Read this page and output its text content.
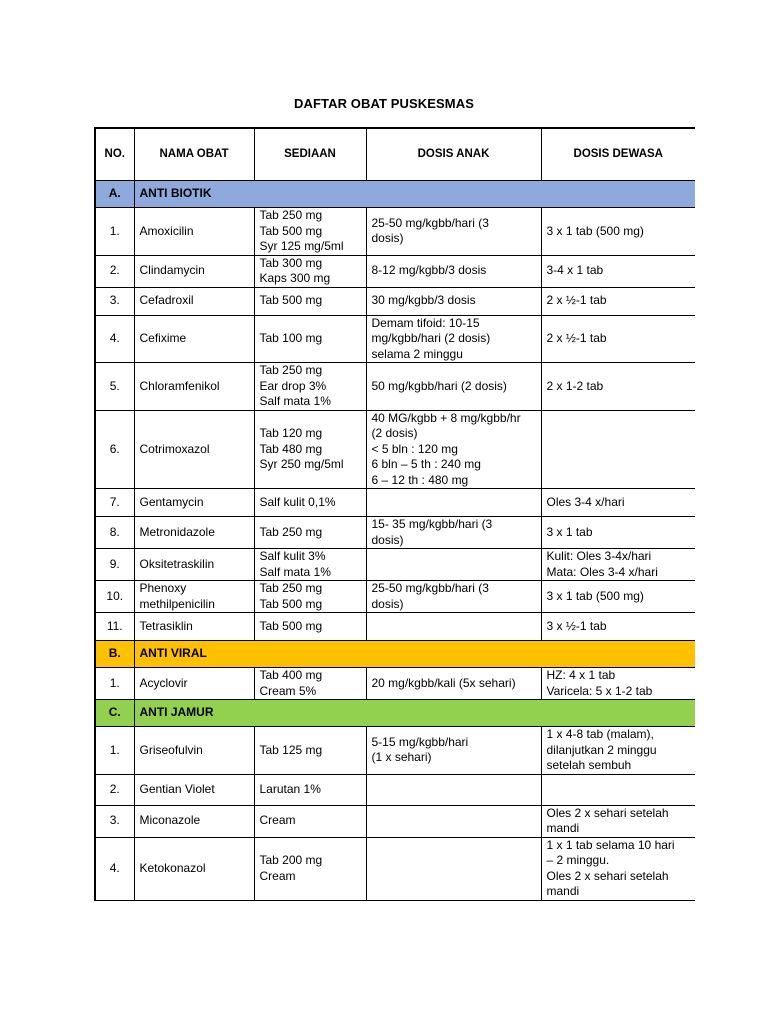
DAFTAR OBAT PUSKESMAS
NO.	NAMA OBAT	SEDIAAN	DOSIS ANAK	DOSIS DEWASA
A.	ANTI BIOTIK			
1.	Amoxicilin	Tab 250 mg
Tab 500 mg
Syr 125 mg/5ml	25-50 mg/kgbb/hari (3
dosis)	3 x 1 tab (500 mg)

2.	Clindamycin	Tab 300 mg
Kaps 300 mg	8-12 mg/kgbb/3 dosis	3-4 x 1 tab

3.	Cefadroxil	Tab 500 mg	30 mg/kgbb/3 dosis	2 x ½-1 tab

4.	Cefixime	Tab 100 mg	Demam tifoid: 10-15
mg/kgbb/hari (2 dosis)
selama 2 minggu	2 x ½-1 tab

5.	Chloramfenikol	Tab 250 mg
Ear drop 3%
Salf mata 1%	50 mg/kgbb/hari (2 dosis)	2 x 1-2 tab

6.	Cotrimoxazol	Tab 120 mg
Tab 480 mg
Syr 250 mg/5ml	40 MG/kgbb + 8 mg/kgbb/hr
(2 dosis)
< 5 bln : 120 mg
6 bln – 5 th : 240 mg
6 – 12 th : 480 mg	

7.	Gentamycin	Salf kulit 0,1%		Oles 3-4 x/hari

8.	Metronidazole	Tab 250 mg	15- 35 mg/kgbb/hari (3
dosis)	3 x 1 tab

9.	Oksitetraskilin	Salf kulit 3%
Salf mata 1%		Kulit: Oles 3-4x/hari
Mata: Oles 3-4 x/hari

10.	Phenoxy
methilpenicilin	Tab 250 mg
Tab 500 mg	25-50 mg/kgbb/hari (3
dosis)	3 x 1 tab (500 mg)

11.	Tetrasiklin	Tab 500 mg		3 x ½-1 tab

B.	ANTI VIRAL			
1.	Acyclovir	Tab 400 mg
Cream 5%	20 mg/kgbb/kali (5x sehari)	HZ: 4 x 1 tab
Varicela: 5 x 1-2 tab

C.	ANTI JAMUR			
1.	Griseofulvin	Tab 125 mg	5-15 mg/kgbb/hari
(1 x sehari)	1 x 4-8 tab (malam),
dilanjutkan 2 minggu
setelah sembuh

2.	Gentian Violet	Larutan 1%		

3.	Miconazole	Cream		Oles 2 x sehari setelah
mandi

4.	Ketokonazol	Tab 200 mg
Cream		1 x 1 tab selama 10 hari
– 2 minggu.
Oles 2 x sehari setelah
mandi
